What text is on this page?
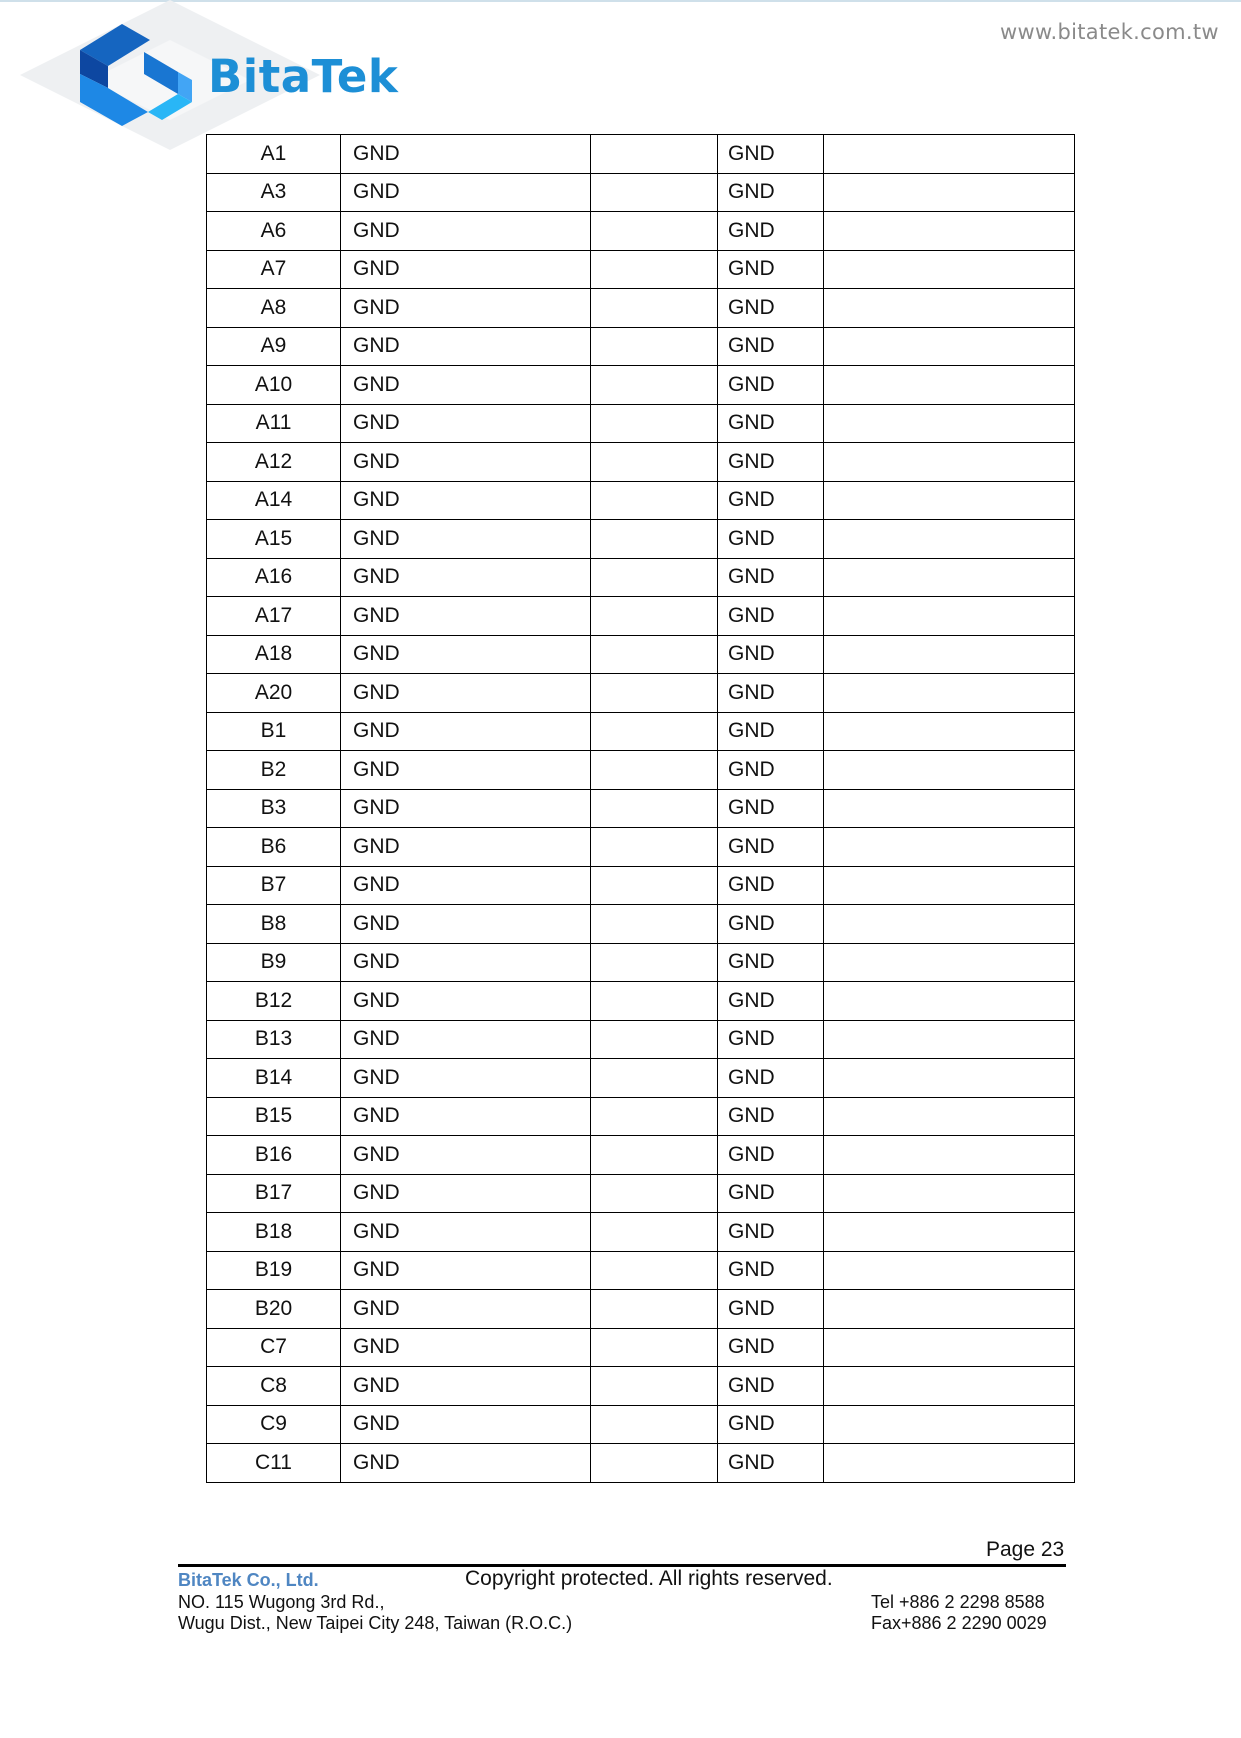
BitaTek
www.bitatek.com.tw
A1	GND		GND	
A3	GND		GND	
A6	GND		GND	
A7	GND		GND	
A8	GND		GND	
A9	GND		GND	
A10	GND		GND	
A11	GND		GND	
A12	GND		GND	
A14	GND		GND	
A15	GND		GND	
A16	GND		GND	
A17	GND		GND	
A18	GND		GND	
A20	GND		GND	
B1	GND		GND	
B2	GND		GND	
B3	GND		GND	
B6	GND		GND	
B7	GND		GND	
B8	GND		GND	
B9	GND		GND	
B12	GND		GND	
B13	GND		GND	
B14	GND		GND	
B15	GND		GND	
B16	GND		GND	
B17	GND		GND	
B18	GND		GND	
B19	GND		GND	
B20	GND		GND	
C7	GND		GND	
C8	GND		GND	
C9	GND		GND	
C11	GND		GND	
Page 23
BitaTek Co., Ltd.	Copyright protected. All rights reserved.
NO. 115 Wugong 3rd Rd.,
Wugu Dist., New Taipei City 248, Taiwan (R.O.C.)
Tel +886 2 2298 8588
Fax+886 2 2290 0029
